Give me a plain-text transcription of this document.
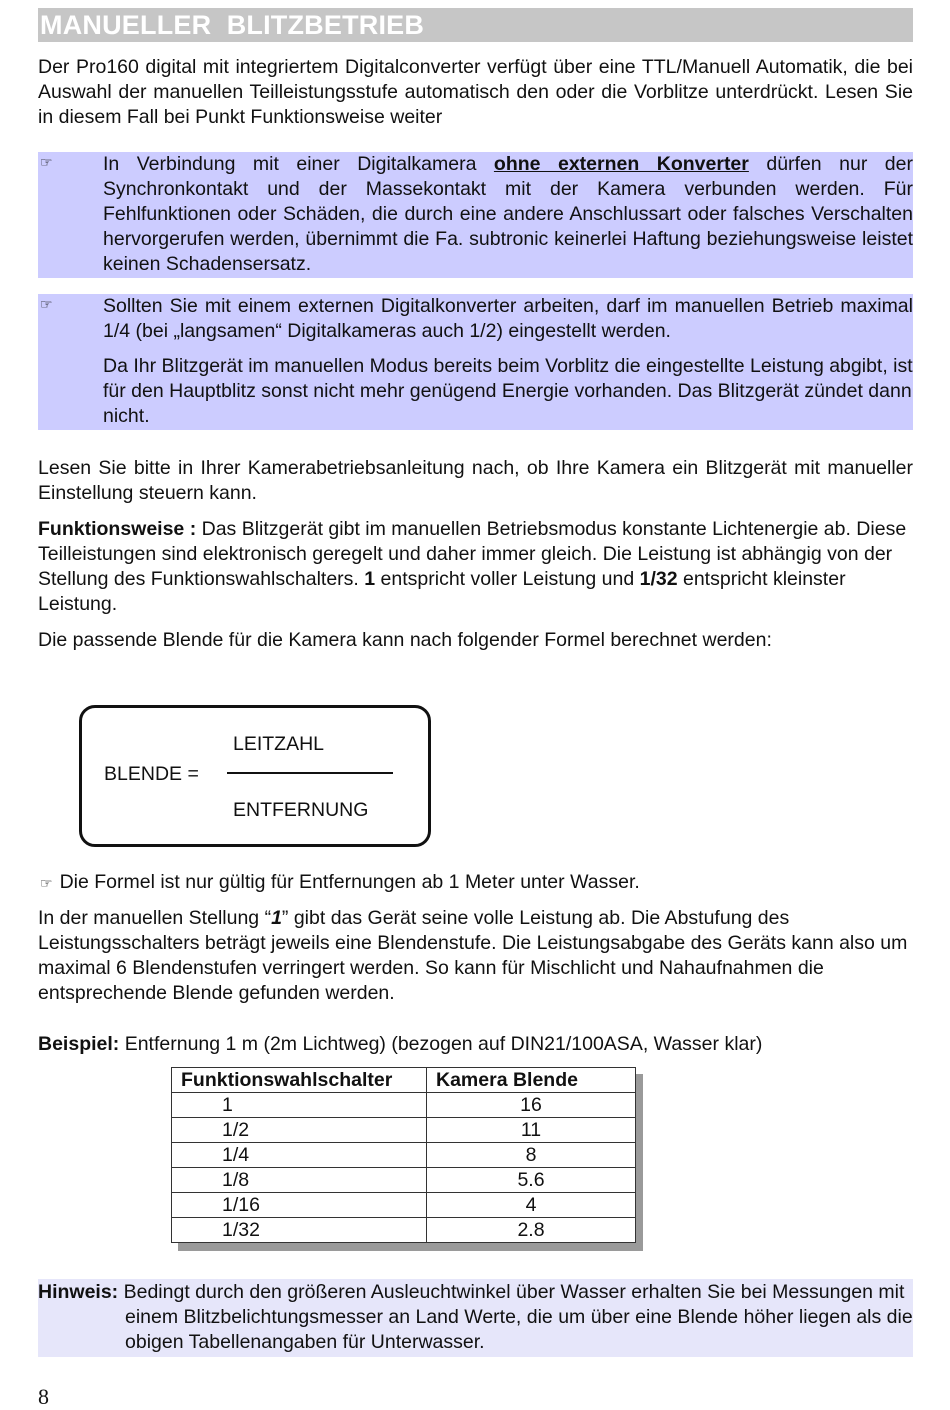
MANUELLER  BLITZBETRIEB

Der Pro160 digital mit integriertem Digitalconverter verfügt über eine TTL/Manuell Automatik, die bei Auswahl der manuellen Teilleistungsstufe automatisch den oder die Vorblitze unterdrückt. Lesen Sie in diesem Fall bei Punkt Funktionsweise weiter

☞	In Verbindung mit einer Digitalkamera ohne externen Konverter dürfen nur der Synchronkontakt und der Massekontakt mit der Kamera verbunden werden. Für Fehlfunktionen oder Schäden, die durch eine andere Anschlussart oder falsches Verschalten hervorgerufen werden, übernimmt die Fa. subtronic keinerlei Haftung beziehungsweise leistet keinen Schadensersatz.

☞	Sollten Sie mit einem externen Digitalkonverter arbeiten, darf im manuellen Betrieb maximal 1/4 (bei „langsamen“ Digitalkameras auch 1/2) eingestellt werden.

Da Ihr Blitzgerät im manuellen Modus bereits beim Vorblitz die eingestellte Leistung abgibt, ist für den Hauptblitz sonst nicht mehr genügend Energie vorhanden. Das Blitzgerät zündet dann nicht.

Lesen Sie bitte in Ihrer Kamerabetriebsanleitung nach, ob Ihre Kamera ein Blitzgerät mit manueller Einstellung steuern kann.

Funktionsweise : Das Blitzgerät gibt im manuellen Betriebsmodus konstante Lichtenergie ab. Diese Teilleistungen sind elektronisch geregelt und daher immer gleich. Die Leistung ist abhängig von der Stellung des Funktionswahlschalters. 1 entspricht voller Leistung und 1/32 entspricht kleinster Leistung.

Die passende Blende für die Kamera kann nach folgender Formel berechnet werden:

BLENDE =
LEITZAHL
ENTFERNUNG

☞ Die Formel ist nur gültig für Entfernungen ab 1 Meter unter Wasser.

In der manuellen Stellung “1” gibt das Gerät seine volle Leistung ab. Die Abstufung des Leistungsschalters beträgt jeweils eine Blendenstufe. Die Leistungsabgabe des Geräts kann also um maximal 6 Blendenstufen verringert werden. So kann für Mischlicht und Nahaufnahmen die entsprechende Blende gefunden werden.

Beispiel: Entfernung 1 m (2m Lichtweg) (bezogen auf DIN21/100ASA, Wasser klar)

Funktionswahlschalter	Kamera Blende
1	16
1/2	11
1/4	8
1/8	5.6
1/16	4
1/32	2.8

Hinweis: Bedingt durch den größeren Ausleuchtwinkel über Wasser erhalten Sie bei Messungen mit einem Blitzbelichtungsmesser an Land Werte, die um über eine Blende höher liegen als die obigen Tabellenangaben für Unterwasser.

8
